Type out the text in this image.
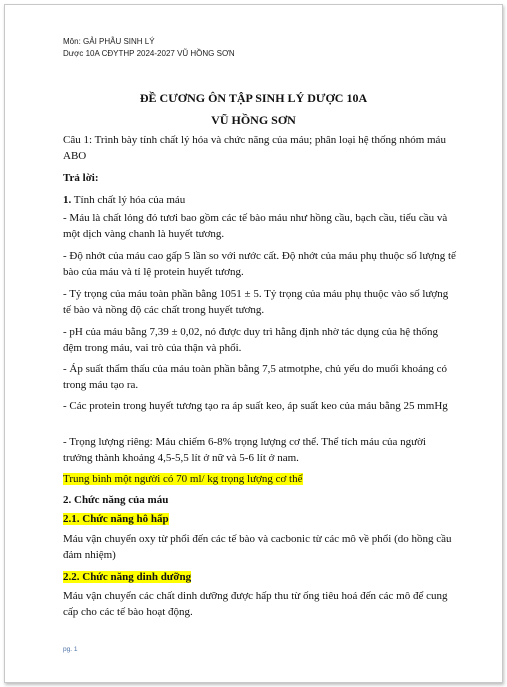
Môn: GẢI PHẪU SINH LÝ
Dược 10A CĐYTHP 2024-2027 VŨ HỒNG SƠN
ĐỀ CƯƠNG ÔN TẬP SINH LÝ DƯỢC 10A
VŨ HỒNG SƠN
Câu 1: Trình bày tính chất lý hóa và chức năng của máu; phân loại hệ thống nhóm máu ABO
Trả lời:
1. Tính chất lý hóa của máu
- Máu là chất lỏng đỏ tươi bao gồm các tế bào máu như hồng cầu, bạch cầu, tiểu cầu và một dịch vàng chanh là huyết tương.
- Độ nhớt của máu cao gấp 5 lần so với nước cất. Độ nhớt của máu phụ thuộc số lượng tế bào của máu và tỉ lệ protein huyết tương.
- Tỷ trọng của máu toàn phần bằng 1051 ± 5. Tỷ trọng của máu phụ thuộc vào số lượng tế bào và nồng độ các chất trong huyết tương.
- pH của máu bằng 7,39 ± 0,02, nó được duy trì hằng định nhờ tác dụng của hệ thống đệm trong máu, vai trò của thận và phổi.
- Áp suất thẩm thấu của máu toàn phần bằng 7,5 atmotphe, chủ yếu do muối khoáng có trong máu tạo ra.
- Các protein trong huyết tương tạo ra áp suất keo, áp suất keo của máu bằng 25 mmHg
- Trọng lượng riêng: Máu chiếm 6-8% trọng lượng cơ thể. Thể tích máu của người trưởng thành khoảng 4,5-5,5 lít ở nữ và 5-6 lít ở nam.
Trung bình một người có 70 ml/ kg trọng lượng cơ thể
2. Chức năng của máu
2.1. Chức năng hô hấp
Máu vận chuyển oxy từ phổi đến các tế bào và cacbonic từ các mô về phổi (do hồng cầu đảm nhiệm)
2.2. Chức năng dinh dưỡng
Máu vận chuyển các chất dinh dưỡng được hấp thu từ ống tiêu hoá đến các mô để cung cấp cho các tế bào hoạt động.
pg. 1
